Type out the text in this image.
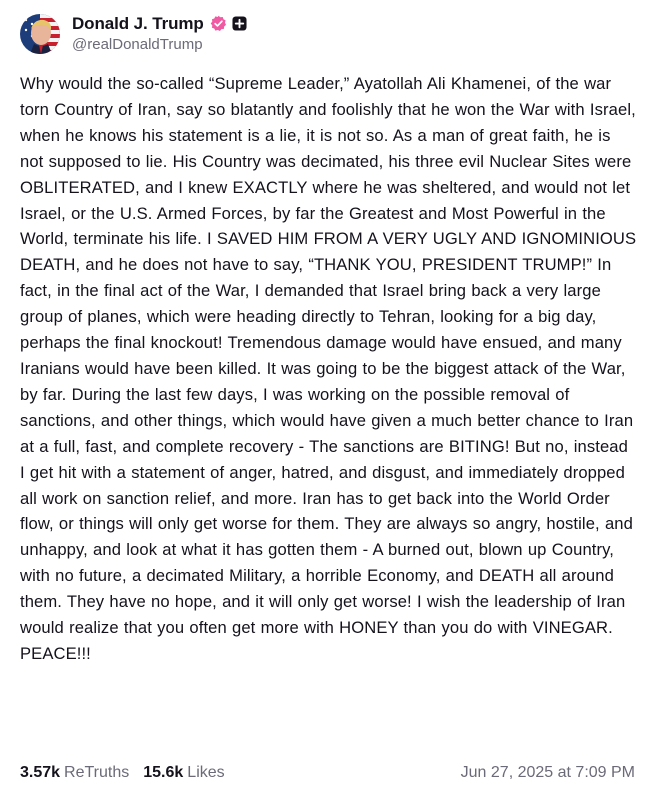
Donald J. Trump
@realDonaldTrump
Why would the so-called “Supreme Leader,” Ayatollah Ali Khamenei, of the war torn Country of Iran, say so blatantly and foolishly that he won the War with Israel, when he knows his statement is a lie, it is not so. As a man of great faith, he is not supposed to lie. His Country was decimated, his three evil Nuclear Sites were OBLITERATED, and I knew EXACTLY where he was sheltered, and would not let Israel, or the U.S. Armed Forces, by far the Greatest and Most Powerful in the World, terminate his life. I SAVED HIM FROM A VERY UGLY AND IGNOMINIOUS DEATH, and he does not have to say, “THANK YOU, PRESIDENT TRUMP!” In fact, in the final act of the War, I demanded that Israel bring back a very large group of planes, which were heading directly to Tehran, looking for a big day, perhaps the final knockout! Tremendous damage would have ensued, and many Iranians would have been killed. It was going to be the biggest attack of the War, by far. During the last few days, I was working on the possible removal of sanctions, and other things, which would have given a much better chance to Iran at a full, fast, and complete recovery - The sanctions are BITING! But no, instead I get hit with a statement of anger, hatred, and disgust, and immediately dropped all work on sanction relief, and more. Iran has to get back into the World Order flow, or things will only get worse for them. They are always so angry, hostile, and unhappy, and look at what it has gotten them - A burned out, blown up Country, with no future, a decimated Military, a horrible Economy, and DEATH all around them. They have no hope, and it will only get worse! I wish the leadership of Iran would realize that you often get more with HONEY than you do with VINEGAR. PEACE!!!
3.57k ReTruths 15.6k Likes	Jun 27, 2025 at 7:09 PM
